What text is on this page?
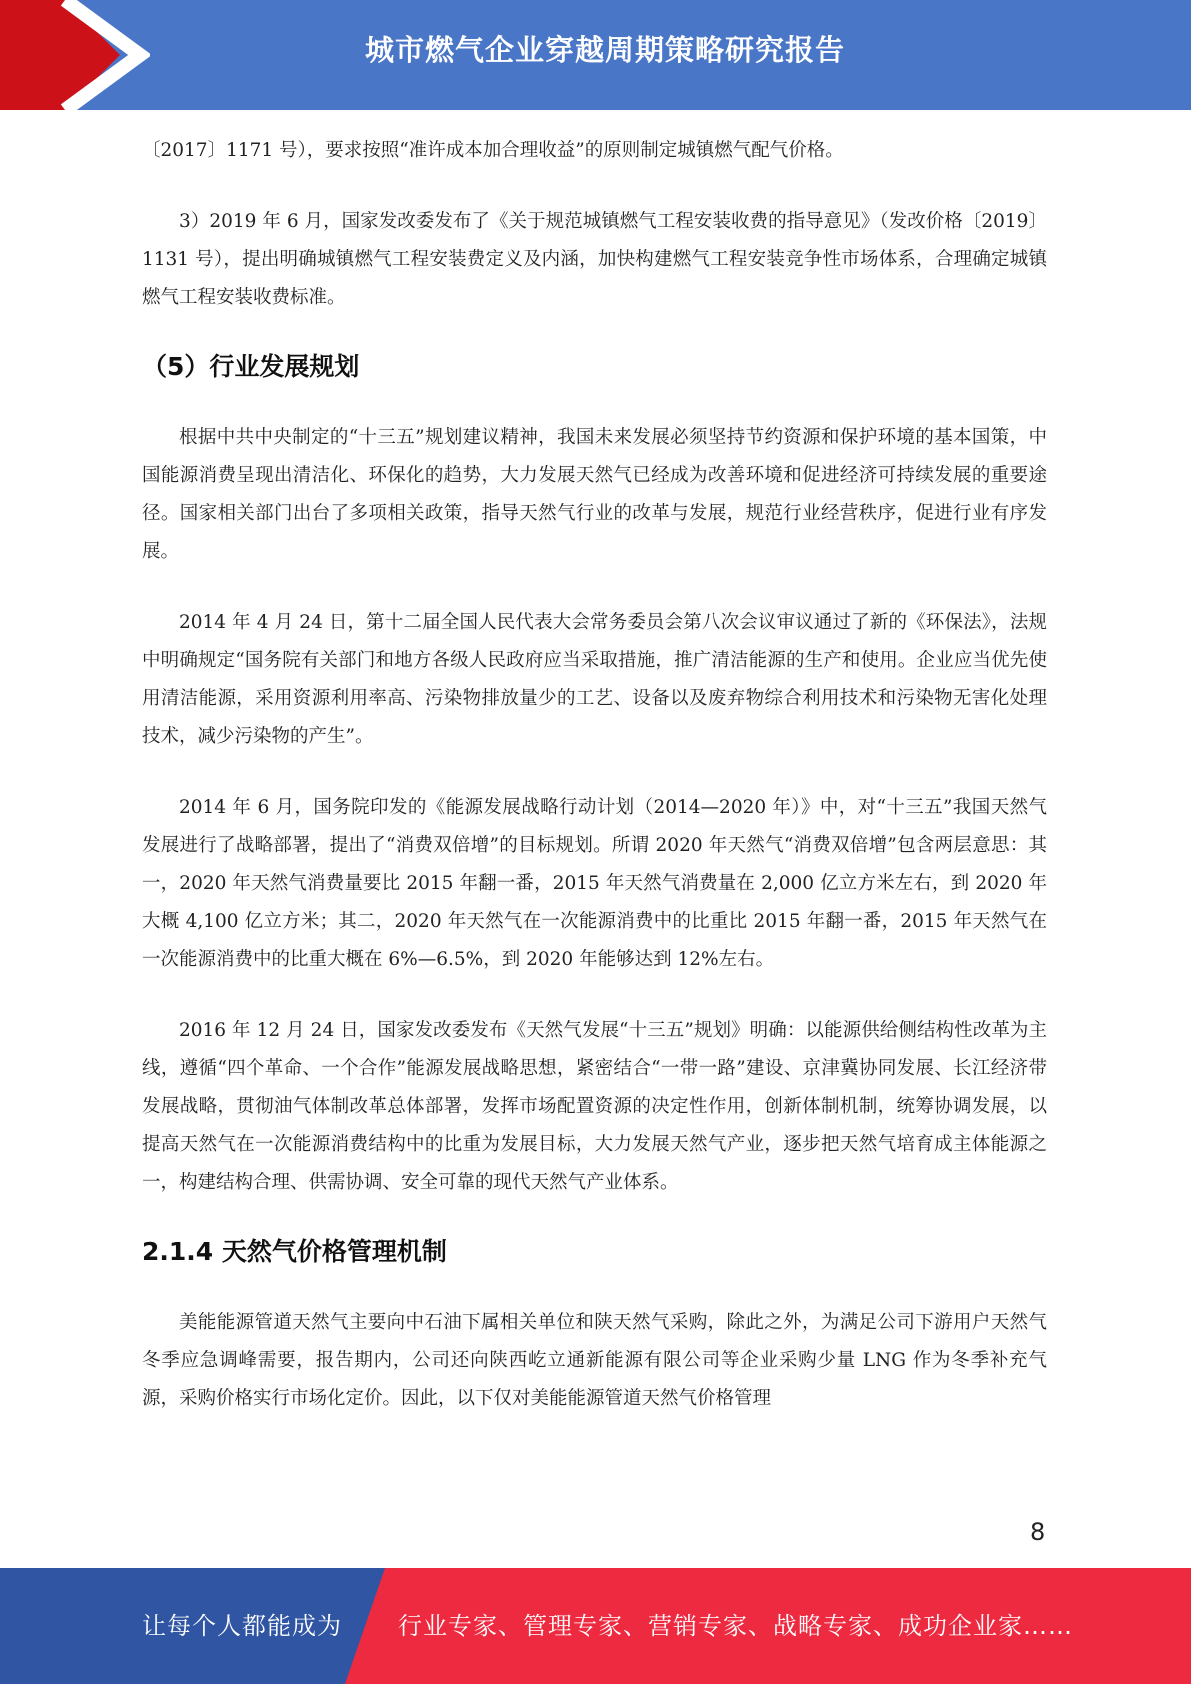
城市燃气企业穿越周期策略研究报告

〔2017〕1171 号），要求按照“准许成本加合理收益”的原则制定城镇燃气配气价格。

3）2019 年 6 月，国家发改委发布了《关于规范城镇燃气工程安装收费的指导意见》（发改价格〔2019〕1131 号），提出明确城镇燃气工程安装费定义及内涵，加快构建燃气工程安装竞争性市场体系，合理确定城镇燃气工程安装收费标准。

（5）行业发展规划

根据中共中央制定的“十三五”规划建议精神，我国未来发展必须坚持节约资源和保护环境的基本国策，中国能源消费呈现出清洁化、环保化的趋势，大力发展天然气已经成为改善环境和促进经济可持续发展的重要途径。国家相关部门出台了多项相关政策，指导天然气行业的改革与发展，规范行业经营秩序，促进行业有序发展。

2014 年 4 月 24 日，第十二届全国人民代表大会常务委员会第八次会议审议通过了新的《环保法》，法规中明确规定“国务院有关部门和地方各级人民政府应当采取措施，推广清洁能源的生产和使用。企业应当优先使用清洁能源，采用资源利用率高、污染物排放量少的工艺、设备以及废弃物综合利用技术和污染物无害化处理技术，减少污染物的产生”。

2014 年 6 月，国务院印发的《能源发展战略行动计划（2014—2020 年）》中，对“十三五”我国天然气发展进行了战略部署，提出了“消费双倍增”的目标规划。所谓 2020 年天然气“消费双倍增”包含两层意思：其一，2020 年天然气消费量要比 2015 年翻一番，2015 年天然气消费量在 2,000 亿立方米左右，到 2020 年大概 4,100 亿立方米；其二，2020 年天然气在一次能源消费中的比重比 2015 年翻一番，2015 年天然气在一次能源消费中的比重大概在 6%—6.5%，到 2020 年能够达到 12%左右。

2016 年 12 月 24 日，国家发改委发布《天然气发展“十三五”规划》明确：以能源供给侧结构性改革为主线，遵循“四个革命、一个合作”能源发展战略思想，紧密结合“一带一路”建设、京津冀协同发展、长江经济带发展战略，贯彻油气体制改革总体部署，发挥市场配置资源的决定性作用，创新体制机制，统筹协调发展，以提高天然气在一次能源消费结构中的比重为发展目标，大力发展天然气产业，逐步把天然气培育成主体能源之一，构建结构合理、供需协调、安全可靠的现代天然气产业体系。

2.1.4 天然气价格管理机制

美能能源管道天然气主要向中石油下属相关单位和陕天然气采购，除此之外，为满足公司下游用户天然气冬季应急调峰需要，报告期内，公司还向陕西屹立通新能源有限公司等企业采购少量 LNG 作为冬季补充气源，采购价格实行市场化定价。因此，以下仅对美能能源管道天然气价格管理

8
让每个人都能成为 行业专家、管理专家、营销专家、战略专家、成功企业家……
